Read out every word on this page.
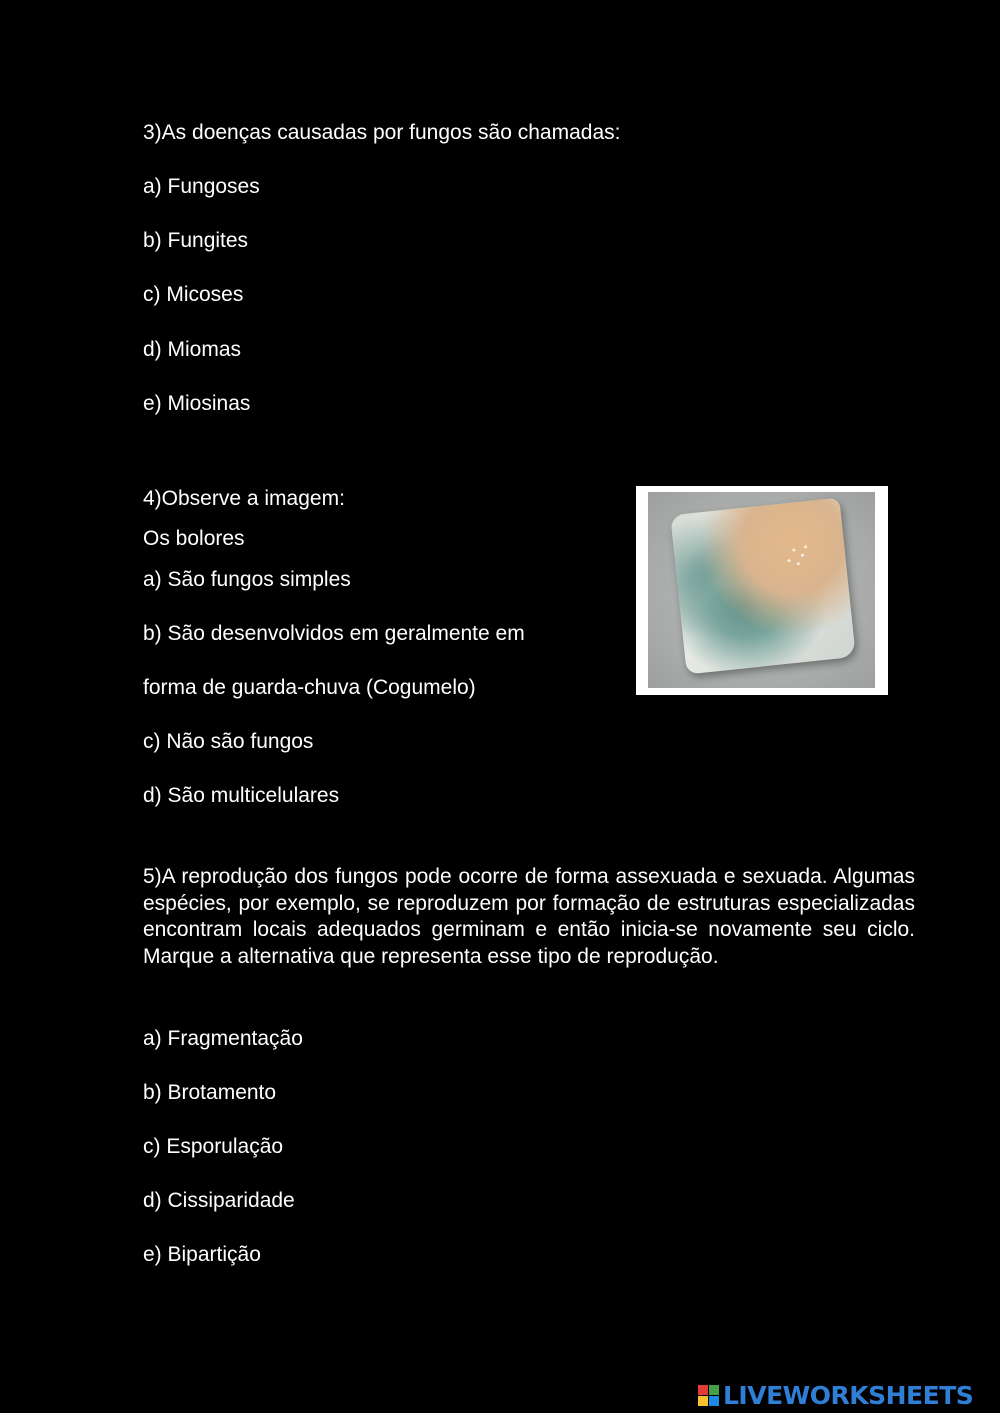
3)As doenças causadas por fungos são chamadas:
a) Fungoses
b) Fungites
c) Micoses
d) Miomas
e) Miosinas
4)Observe a imagem:
Os bolores
a) São fungos simples
b) São desenvolvidos em geralmente em
forma de guarda-chuva (Cogumelo)
c) Não são fungos
d) São multicelulares
5)A reprodução dos fungos pode ocorre de forma assexuada e sexuada. Algumas espécies, por exemplo, se reproduzem por formação de estruturas especializadas encontram locais adequados germinam e então inicia-se novamente seu ciclo. Marque a alternativa que representa esse tipo de reprodução.
a) Fragmentação
b) Brotamento
c) Esporulação
d) Cissiparidade
e) Bipartição
LIVEWORKSHEETS
